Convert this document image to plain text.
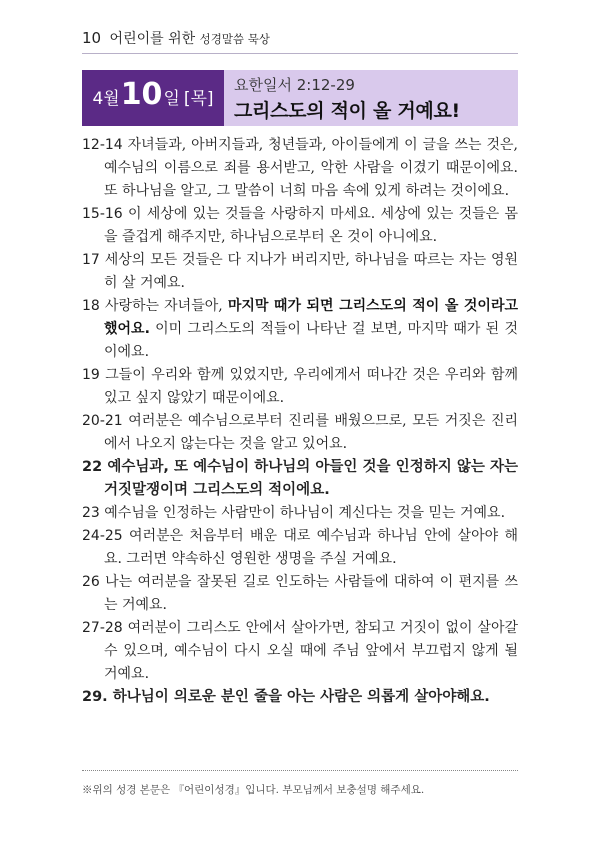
10 어린이를 위한 성경말씀 묵상
4월 10 일 [목]
요한일서 2:12-29
그리스도의 적이 올 거예요!

12-14 자녀들과, 아버지들과, 청년들과, 아이들에게 이 글을 쓰는 것은, 예수님의 이름으로 죄를 용서받고, 악한 사람을 이겼기 때문이에요. 또 하나님을 알고, 그 말씀이 너희 마음 속에 있게 하려는 것이에요.

15-16 이 세상에 있는 것들을 사랑하지 마세요. 세상에 있는 것들은 몸을 즐겁게 해주지만, 하나님으로부터 온 것이 아니에요.

17 세상의 모든 것들은 다 지나가 버리지만, 하나님을 따르는 자는 영원히 살 거예요.

18 사랑하는 자녀들아, 마지막 때가 되면 그리스도의 적이 올 것이라고 했어요. 이미 그리스도의 적들이 나타난 걸 보면, 마지막 때가 된 것이에요.

19 그들이 우리와 함께 있었지만, 우리에게서 떠나간 것은 우리와 함께 있고 싶지 않았기 때문이에요.

20-21 여러분은 예수님으로부터 진리를 배웠으므로, 모든 거짓은 진리에서 나오지 않는다는 것을 알고 있어요.

22 예수님과, 또 예수님이 하나님의 아들인 것을 인정하지 않는 자는 거짓말쟁이며 그리스도의 적이에요.

23 예수님을 인정하는 사람만이 하나님이 계신다는 것을 믿는 거예요.

24-25 여러분은 처음부터 배운 대로 예수님과 하나님 안에 살아야 해요. 그러면 약속하신 영원한 생명을 주실 거예요.

26 나는 여러분을 잘못된 길로 인도하는 사람들에 대하여 이 편지를 쓰는 거예요.

27-28 여러분이 그리스도 안에서 살아가면, 참되고 거짓이 없이 살아갈 수 있으며, 예수님이 다시 오실 때에 주님 앞에서 부끄럽지 않게 될 거예요.

29. 하나님이 의로운 분인 줄을 아는 사람은 의롭게 살아야해요.

※위의 성경 본문은 『어린이성경』입니다. 부모님께서 보충설명 해주세요.
